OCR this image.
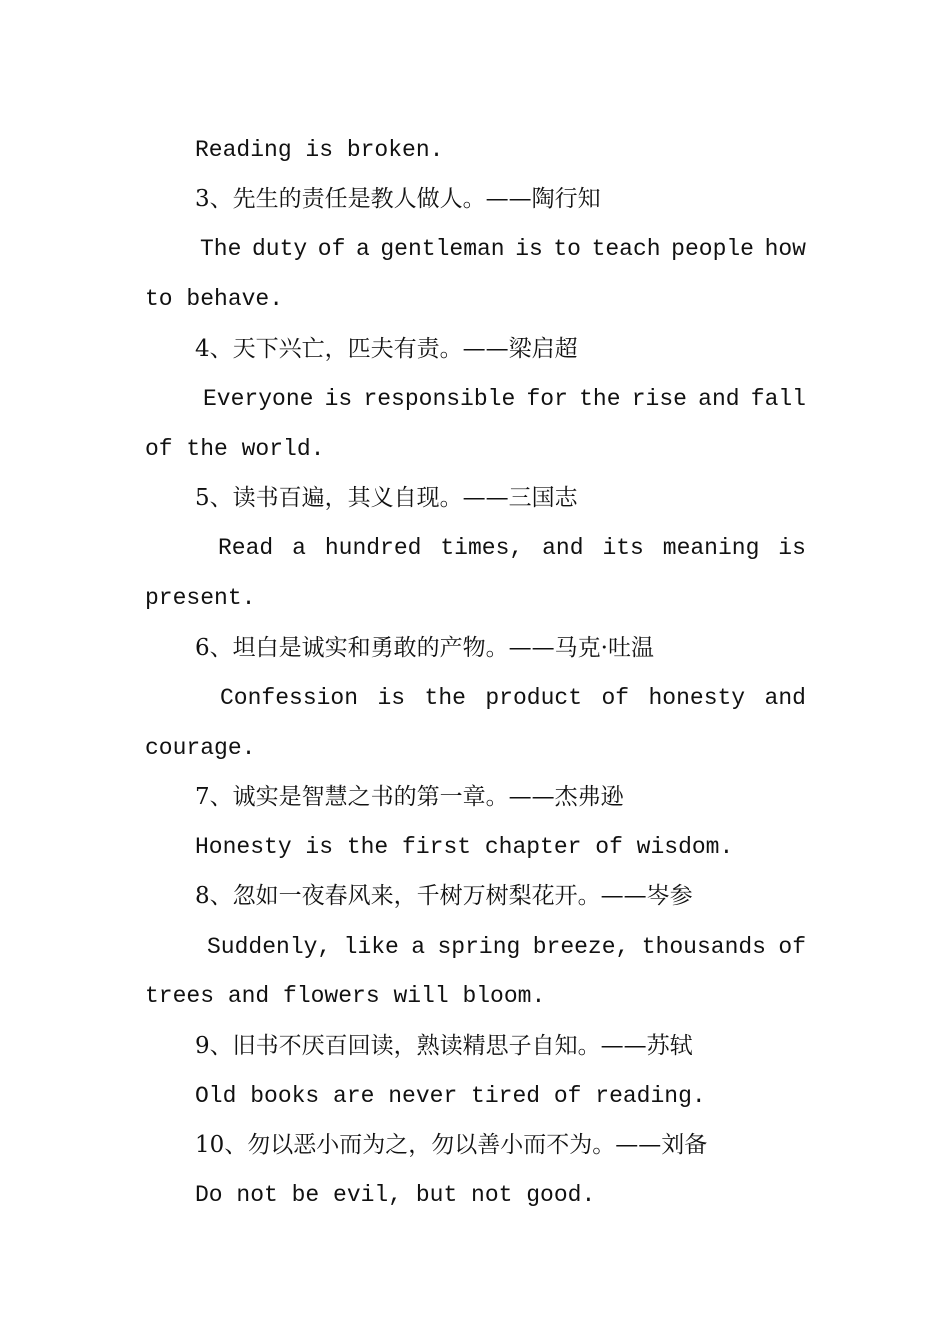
Reading is broken.
3、先生的责任是教人做人。——陶行知
The duty of a gentleman is to teach people how
to behave.
4、天下兴亡，匹夫有责。——梁启超
Everyone is responsible for the rise and fall
of the world.
5、读书百遍，其义自现。——三国志
Read a hundred times, and its meaning is
present.
6、坦白是诚实和勇敢的产物。——马克·吐温
Confession is the product of honesty and
courage.
7、诚实是智慧之书的第一章。——杰弗逊
Honesty is the first chapter of wisdom.
8、忽如一夜春风来，千树万树梨花开。——岑参
Suddenly, like a spring breeze, thousands of
trees and flowers will bloom.
9、旧书不厌百回读，熟读精思子自知。——苏轼
Old books are never tired of reading.
10、勿以恶小而为之，勿以善小而不为。——刘备
Do not be evil, but not good.
